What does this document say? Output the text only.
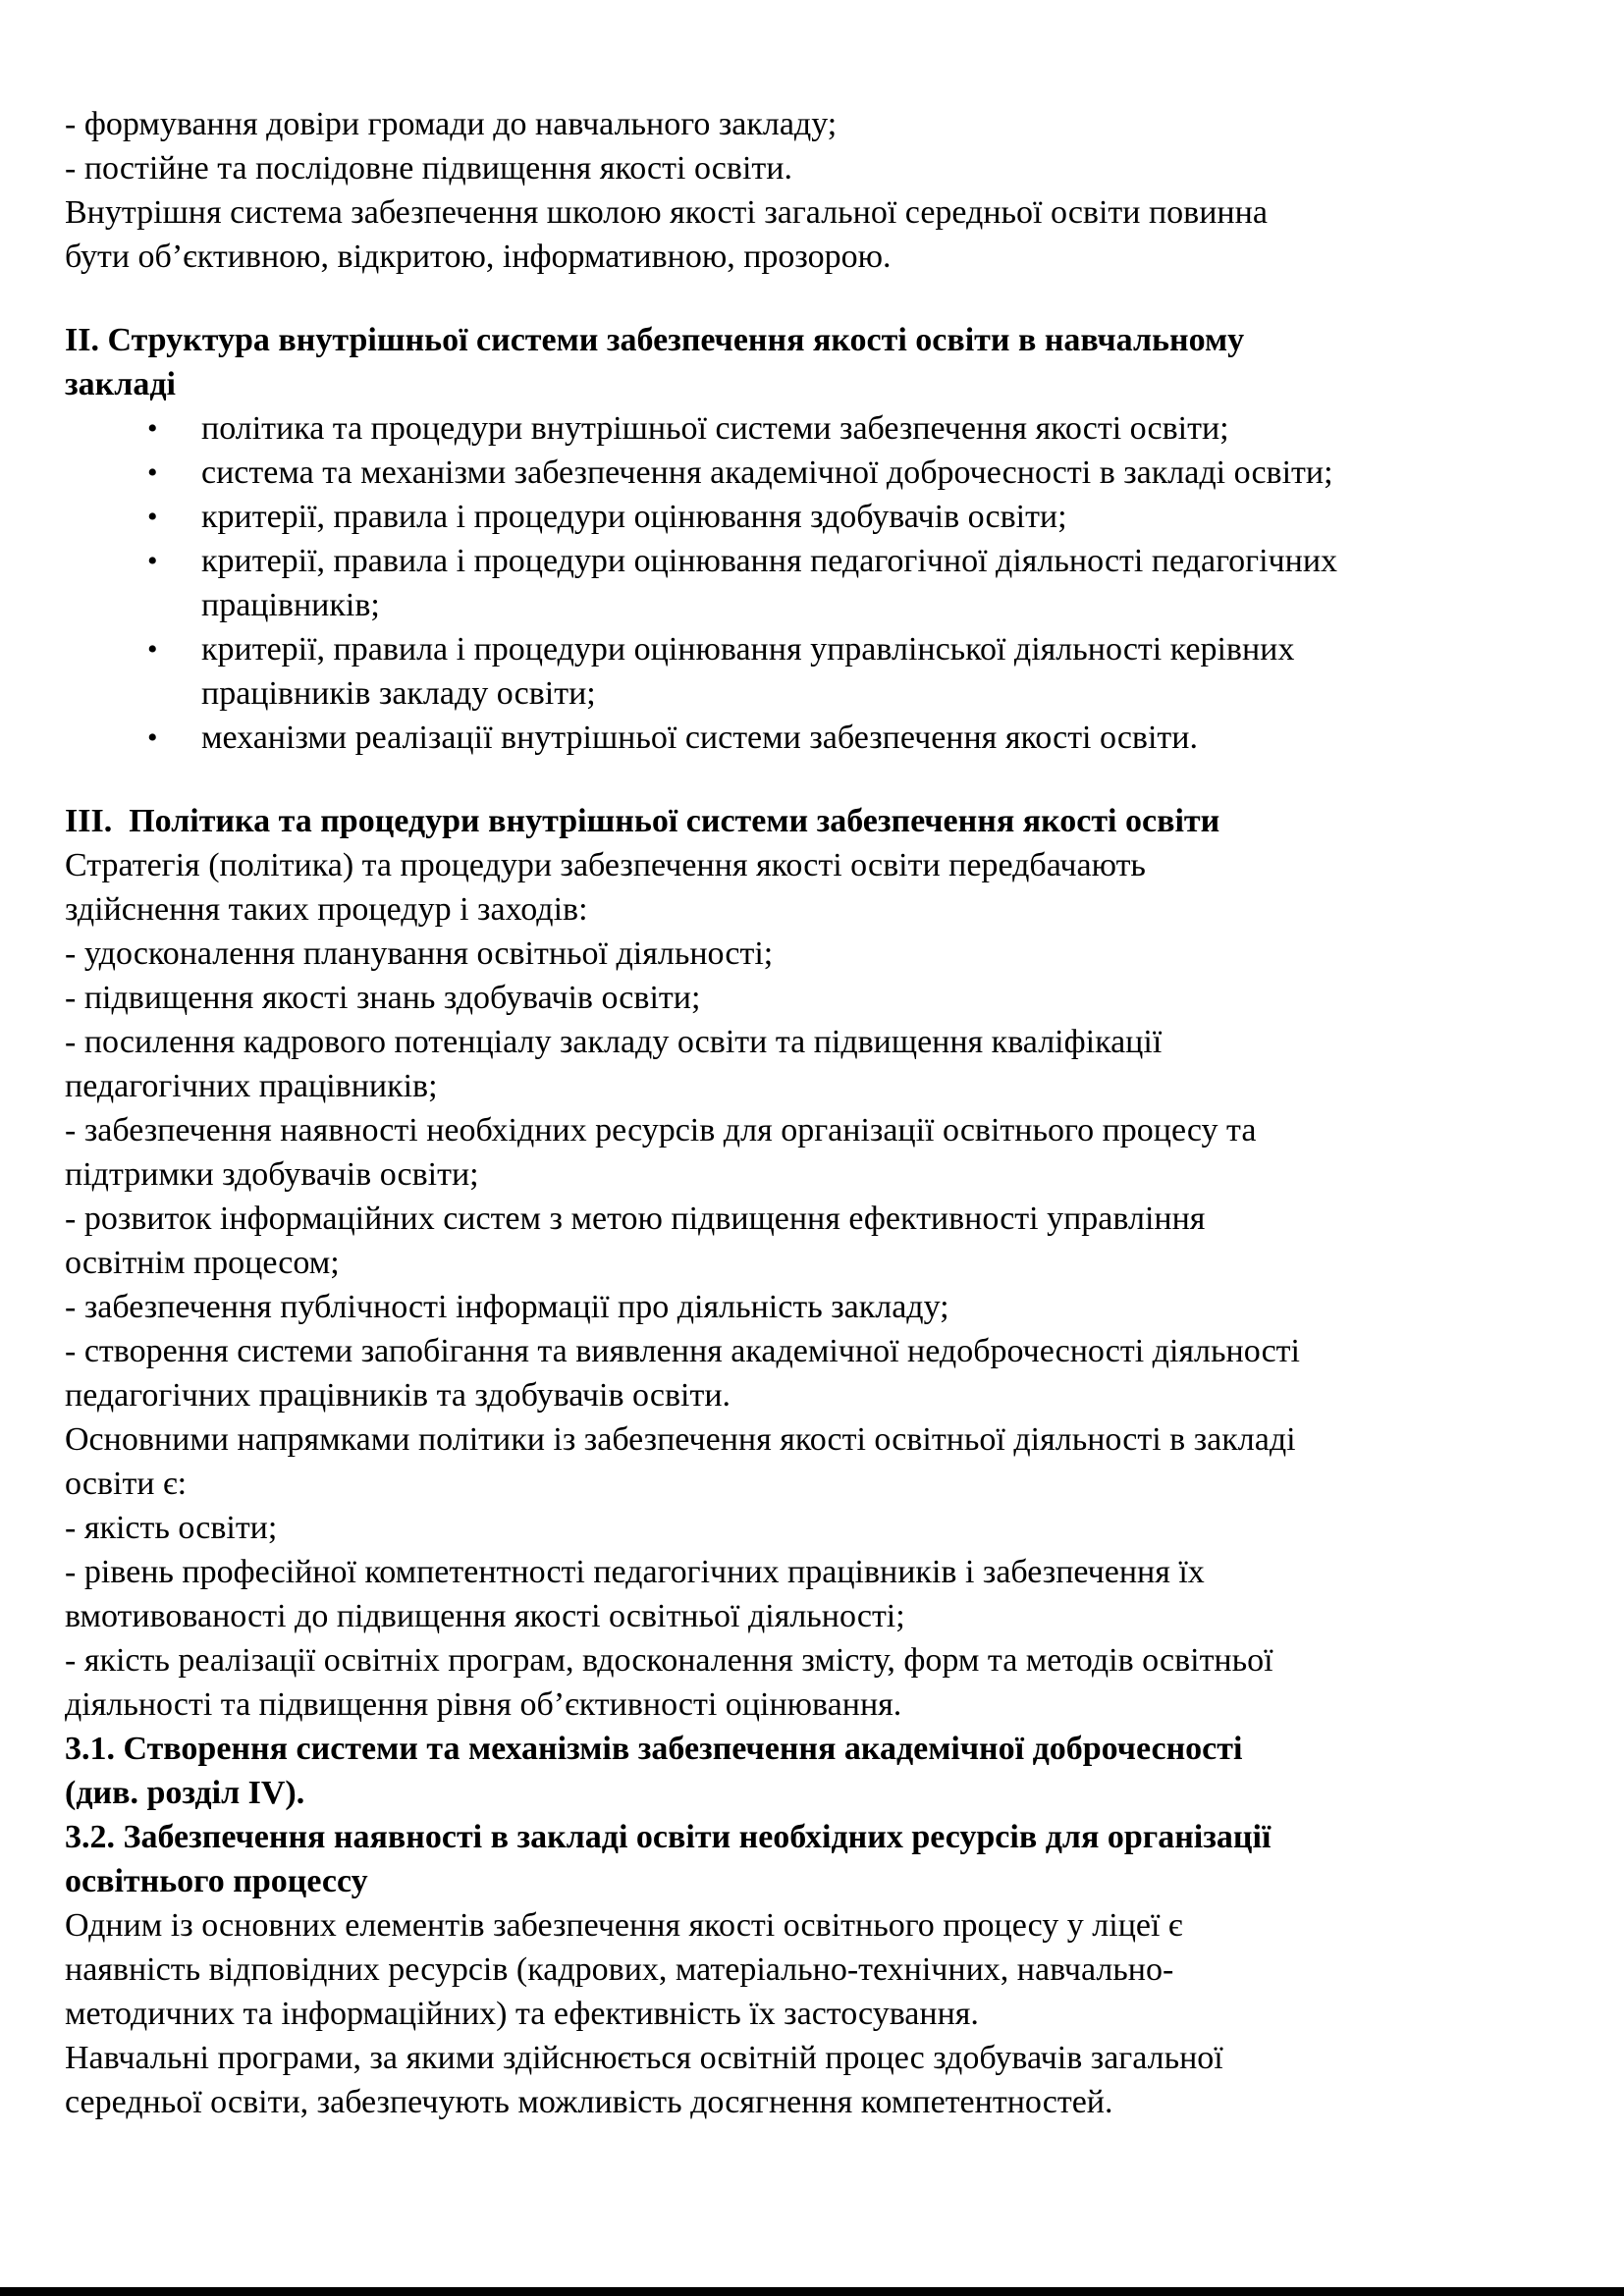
- формування довіри громади до навчального закладу;
- постійне та послідовне підвищення якості освіти.
Внутрішня система забезпечення школою якості загальної середньої освіти повинна
бути об’єктивною, відкритою, інформативною, прозорою.
ІІ. Структура внутрішньої системи забезпечення якості освіти в навчальному
закладі
•	політика та процедури внутрішньої системи забезпечення якості освіти;
•	система та механізми забезпечення академічної доброчесності в закладі освіти;
•	критерії, правила і процедури оцінювання здобувачів освіти;
•	критерії, правила і процедури оцінювання педагогічної діяльності педагогічних
працівників;
•	критерії, правила і процедури оцінювання управлінської діяльності керівних
працівників закладу освіти;
•	механізми реалізації внутрішньої системи забезпечення якості освіти.
ІІІ.  Політика та процедури внутрішньої системи забезпечення якості освіти
Стратегія (політика) та процедури забезпечення якості освіти передбачають
здійснення таких процедур і заходів:
- удосконалення планування освітньої діяльності;
- підвищення якості знань здобувачів освіти;
- посилення кадрового потенціалу закладу освіти та підвищення кваліфікації
педагогічних працівників;
- забезпечення наявності необхідних ресурсів для організації освітнього процесу та
підтримки здобувачів освіти;
- розвиток інформаційних систем з метою підвищення ефективності управління
освітнім процесом;
- забезпечення публічності інформації про діяльність закладу;
- створення системи запобігання та виявлення академічної недоброчесності діяльності
педагогічних працівників та здобувачів освіти.
Основними напрямками політики із забезпечення якості освітньої діяльності в закладі
освіти є:
- якість освіти;
- рівень професійної компетентності педагогічних працівників і забезпечення їх
вмотивованості до підвищення якості освітньої діяльності;
- якість реалізації освітніх програм, вдосконалення змісту, форм та методів освітньої
діяльності та підвищення рівня об’єктивності оцінювання.
3.1. Створення системи та механізмів забезпечення академічної доброчесності
(див. розділ IV).
3.2. Забезпечення наявності в закладі освіти необхідних ресурсів для організації
освітнього процессу
Одним із основних елементів забезпечення якості освітнього процесу у ліцеї є
наявність відповідних ресурсів (кадрових, матеріально-технічних, навчально-
методичних та інформаційних) та ефективність їх застосування.
Навчальні програми, за якими здійснюється освітній процес здобувачів загальної
середньої освіти, забезпечують можливість досягнення компетентностей.
